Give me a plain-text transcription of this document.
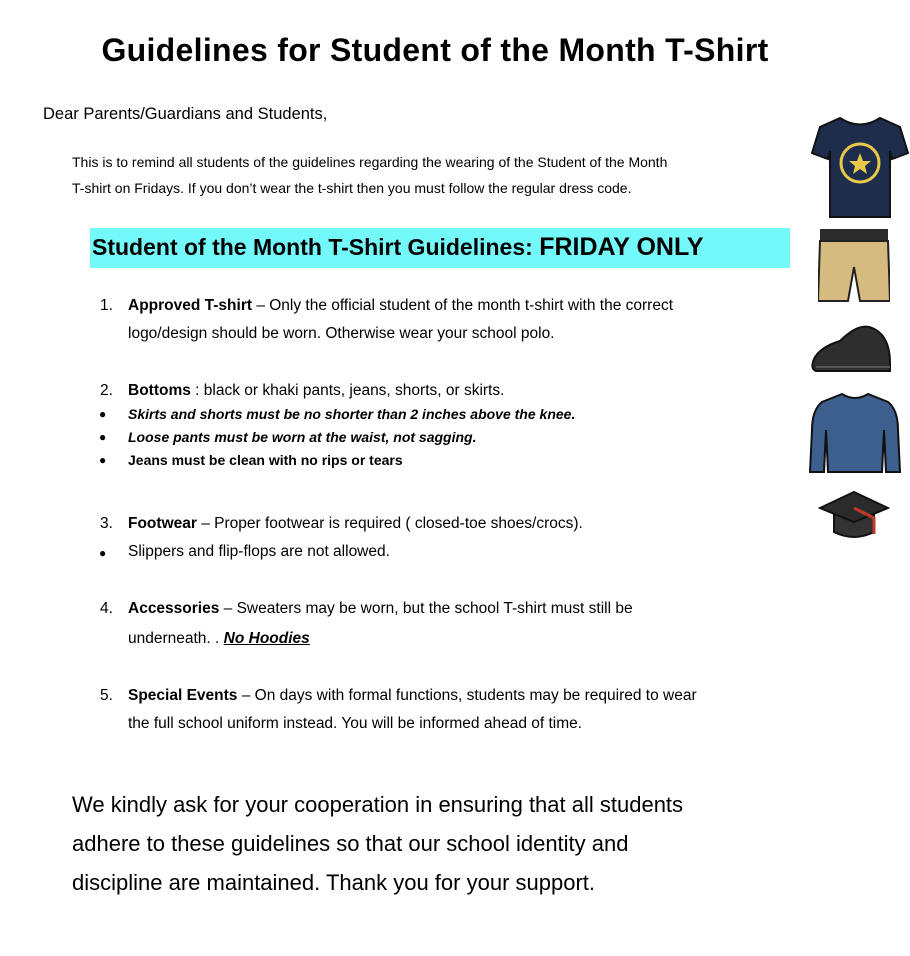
Guidelines for Student of the Month T-Shirt
Dear Parents/Guardians and Students,
This is to remind all students of the guidelines regarding the wearing of the Student of the Month
T-shirt on Fridays. If you don’t wear the t-shirt then you must follow the regular dress code.
Student of the Month T-Shirt Guidelines: FRIDAY ONLY
1. Approved T-shirt – Only the official student of the month t-shirt with the correct
logo/design should be worn. Otherwise wear your school polo.
2. Bottoms : black or khaki pants, jeans, shorts, or skirts.
● Skirts and shorts must be no shorter than 2 inches above the knee.
● Loose pants must be worn at the waist, not sagging.
● Jeans must be clean with no rips or tears
3. Footwear – Proper footwear is required ( closed-toe shoes/crocs).
● Slippers and flip-flops are not allowed.
4. Accessories – Sweaters may be worn, but the school T-shirt must still be
underneath. . No Hoodies
5. Special Events – On days with formal functions, students may be required to wear
the full school uniform instead. You will be informed ahead of time.
We kindly ask for your cooperation in ensuring that all students
adhere to these guidelines so that our school identity and
discipline are maintained. Thank you for your support.
